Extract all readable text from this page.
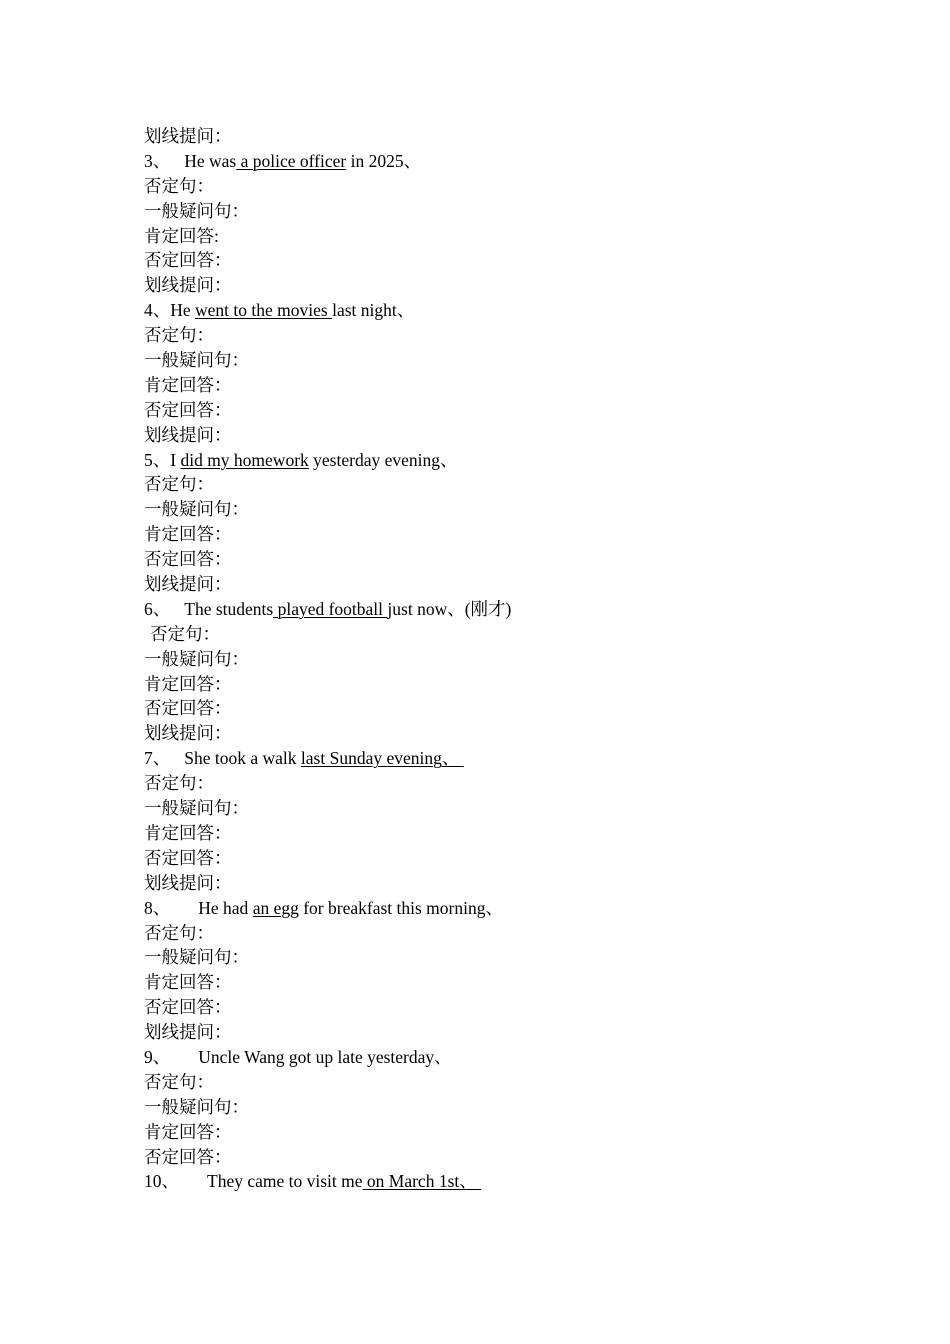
划线提问：
3、 He was a police officer in 2025、
否定句：
一般疑问句：
肯定回答:
否定回答：
划线提问：
4、He went to the movies last night、
否定句：
一般疑问句：
肯定回答：
否定回答：
划线提问：
5、I did my homework yesterday evening、
否定句：
一般疑问句：
肯定回答：
否定回答：
划线提问：
6、 The students played football just now、(刚才)
否定句：
一般疑问句：
肯定回答：
否定回答：
划线提问：
7、 She took a walk last Sunday evening、
否定句：
一般疑问句：
肯定回答：
否定回答：
划线提问：
8、 He had an egg for breakfast this morning、
否定句：
一般疑问句：
肯定回答：
否定回答：
划线提问：
9、 Uncle Wang got up late yesterday、
否定句：
一般疑问句：
肯定回答：
否定回答：
10、 They came to visit me on March 1st、
